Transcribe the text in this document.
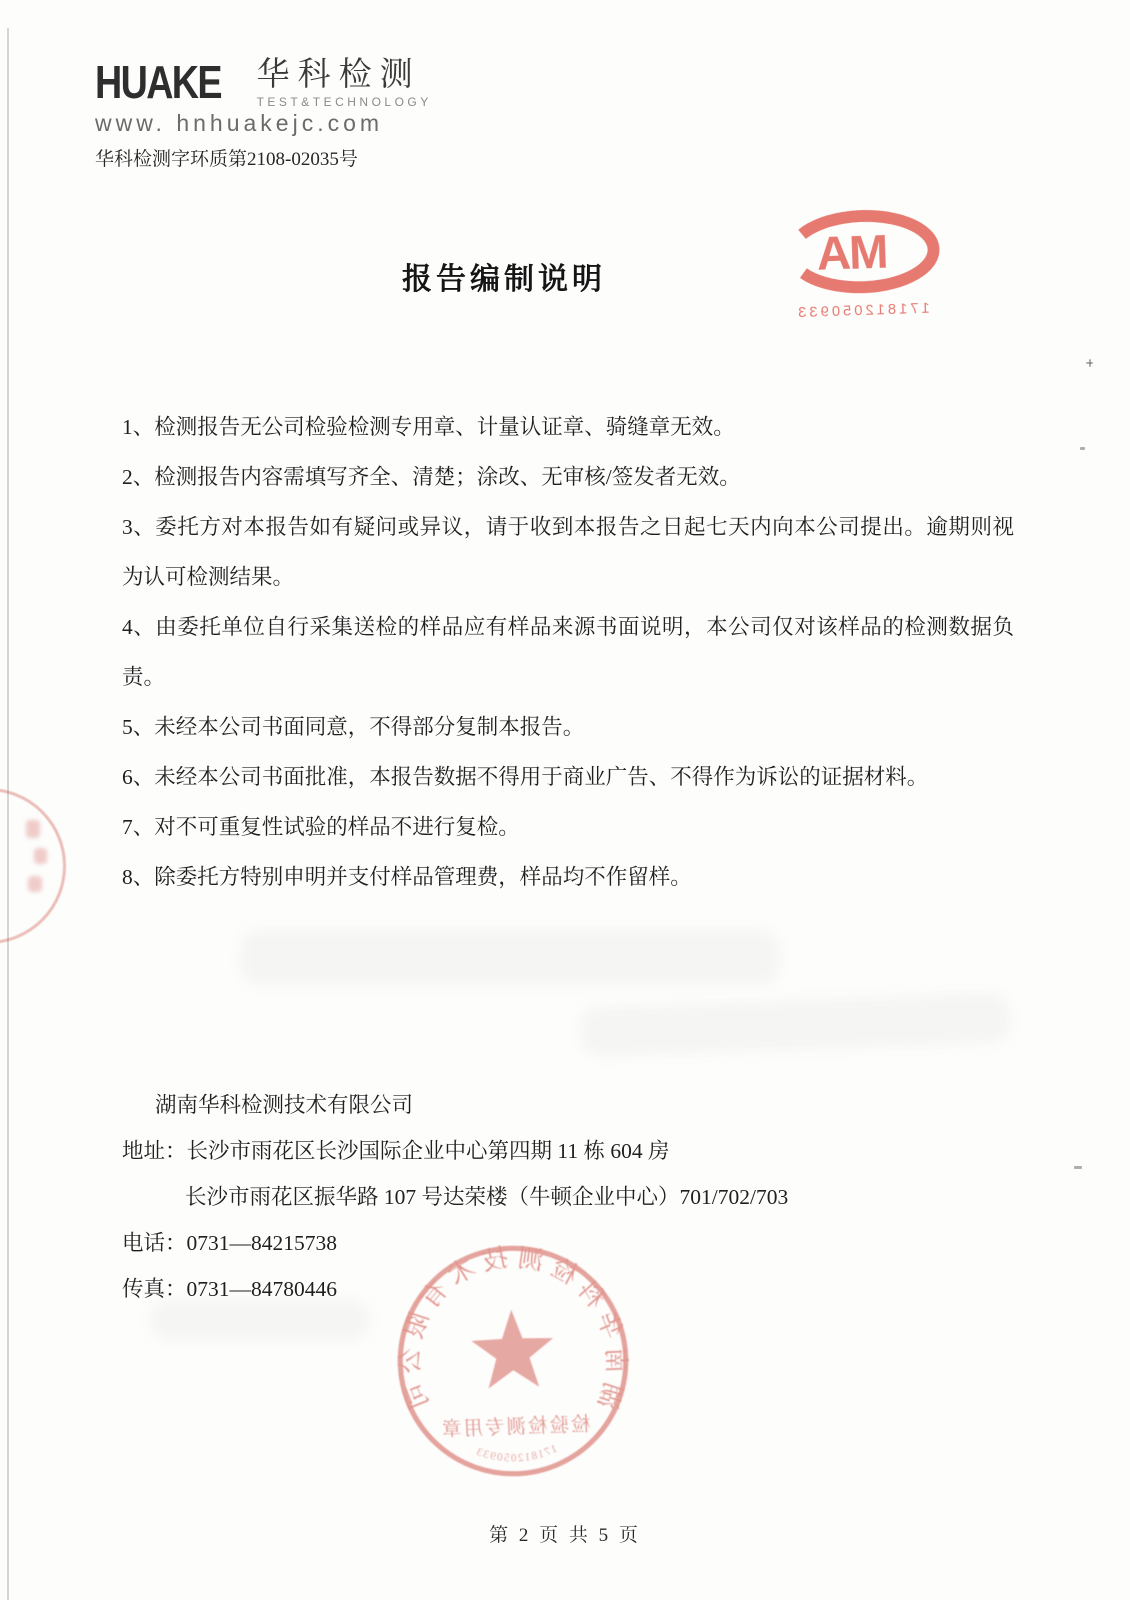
HUAKE 华科检测
TEST&TECHNOLOGY
www. hnhuakejc.com
华科检测字环质第2108-02035号
MA
171812050933
报告编制说明

1、检测报告无公司检验检测专用章、计量认证章、骑缝章无效。

2、检测报告内容需填写齐全、清楚；涂改、无审核/签发者无效。

3、委托方对本报告如有疑问或异议，请于收到本报告之日起七天内向本公司提出。逾期则视为认可检测结果。

4、由委托单位自行采集送检的样品应有样品来源书面说明，本公司仅对该样品的检测数据负责。

5、未经本公司书面同意，不得部分复制本报告。

6、未经本公司书面批准，本报告数据不得用于商业广告、不得作为诉讼的证据材料。

7、对不可重复性试验的样品不进行复检。

8、除委托方特别申明并支付样品管理费，样品均不作留样。

湖南华科检测技术有限公司
地址：长沙市雨花区长沙国际企业中心第四期 11 栋 604 房
长沙市雨花区振华路 107 号达荣楼（牛顿企业中心）701/702/703
电话：0731—84215738
传真：0731—84780446
湖南华科检测技术有限公司
检验检测专用章
171812050933
第 2 页 共 5 页
